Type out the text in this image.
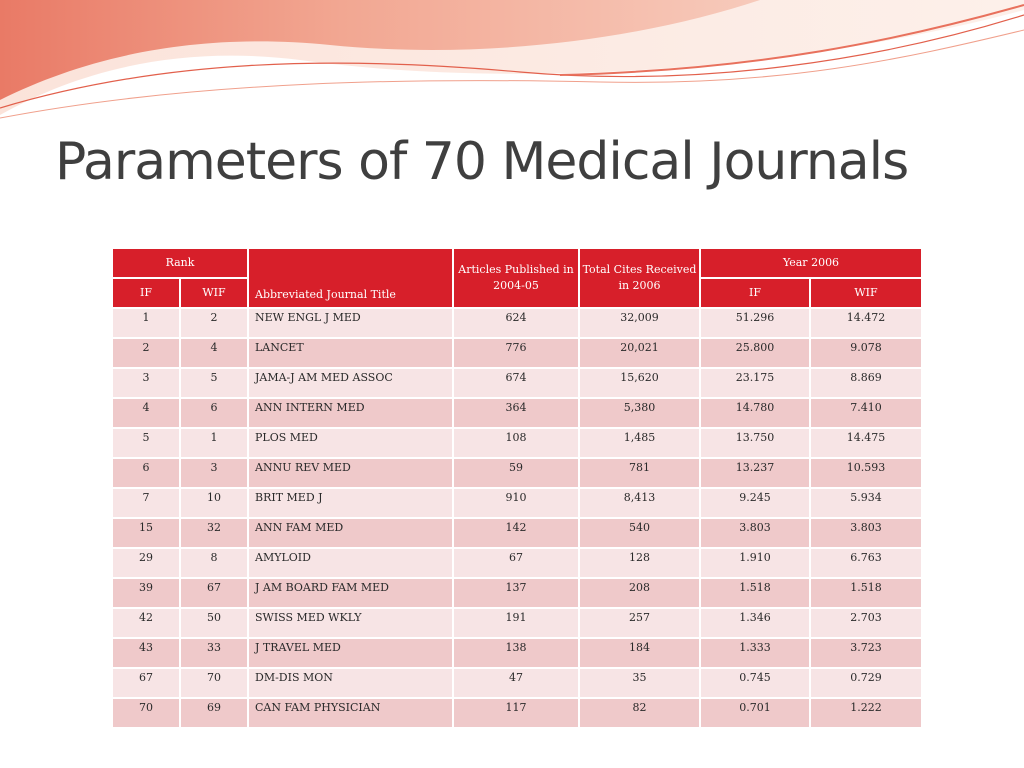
Parameters of 70 Medical Journals
Rank		Abbreviated Journal Title	Articles Published in 2004-05	Total Cites Received in 2006	Year 2006	
IF	WIF				IF	WIF
1	2	NEW ENGL J MED	624	32,009	51.296	14.472
2	4	LANCET	776	20,021	25.800	9.078
3	5	JAMA-J AM MED ASSOC	674	15,620	23.175	8.869
4	6	ANN INTERN MED	364	5,380	14.780	7.410
5	1	PLOS MED	108	1,485	13.750	14.475
6	3	ANNU REV MED	59	781	13.237	10.593
7	10	BRIT MED J	910	8,413	9.245	5.934
15	32	ANN FAM MED	142	540	3.803	3.803
29	8	AMYLOID	67	128	1.910	6.763
39	67	J AM BOARD FAM MED	137	208	1.518	1.518
42	50	SWISS MED WKLY	191	257	1.346	2.703
43	33	J TRAVEL MED	138	184	1.333	3.723
67	70	DM-DIS MON	47	35	0.745	0.729
70	69	CAN FAM PHYSICIAN	117	82	0.701	1.222
